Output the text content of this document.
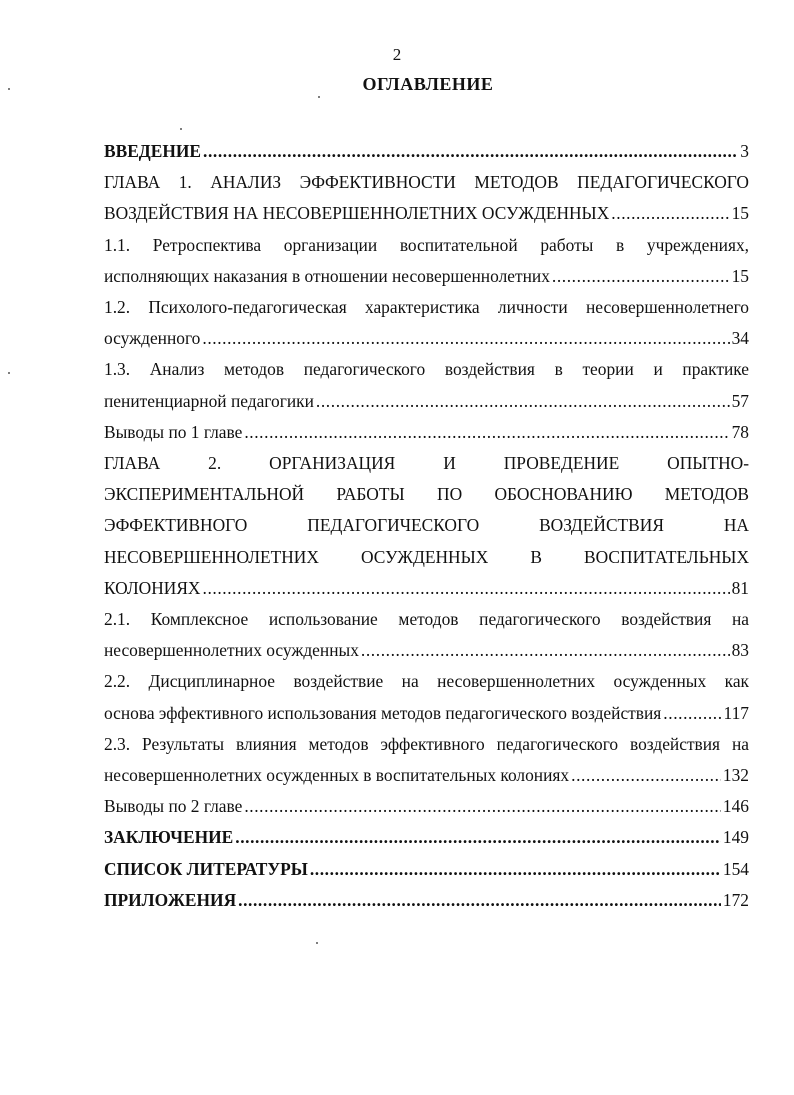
2
ОГЛАВЛЕНИЕ
ВВЕДЕНИЕ .....	3
ГЛАВА 1. АНАЛИЗ ЭФФЕКТИВНОСТИ МЕТОДОВ ПЕДАГОГИЧЕСКОГО
ВОЗДЕЙСТВИЯ НА НЕСОВЕРШЕННОЛЕТНИХ ОСУЖДЕННЫХ .....	15
1.1. Ретроспектива организации воспитательной работы в учреждениях,
исполняющих наказания в отношении несовершеннолетних .....	15
1.2. Психолого-педагогическая характеристика личности несовершеннолетнего
осужденного .....	34
1.3. Анализ методов педагогического воздействия в теории и практике
пенитенциарной педагогики .....	57
Выводы по 1 главе .....	78
ГЛАВА 2. ОРГАНИЗАЦИЯ И ПРОВЕДЕНИЕ ОПЫТНО-
ЭКСПЕРИМЕНТАЛЬНОЙ РАБОТЫ ПО ОБОСНОВАНИЮ МЕТОДОВ
ЭФФЕКТИВНОГО ПЕДАГОГИЧЕСКОГО ВОЗДЕЙСТВИЯ НА
НЕСОВЕРШЕННОЛЕТНИХ ОСУЖДЕННЫХ В ВОСПИТАТЕЛЬНЫХ
КОЛОНИЯХ .....	81
2.1. Комплексное использование методов педагогического воздействия на
несовершеннолетних осужденных .....	83
2.2. Дисциплинарное воздействие на несовершеннолетних осужденных как
основа эффективного использования методов педагогического воздействия .....	117
2.3. Результаты влияния методов эффективного педагогического воздействия на
несовершеннолетних осужденных в воспитательных колониях .....	132
Выводы по 2 главе .....	146
ЗАКЛЮЧЕНИЕ .....	149
СПИСОК ЛИТЕРАТУРЫ .....	154
ПРИЛОЖЕНИЯ .....	172
